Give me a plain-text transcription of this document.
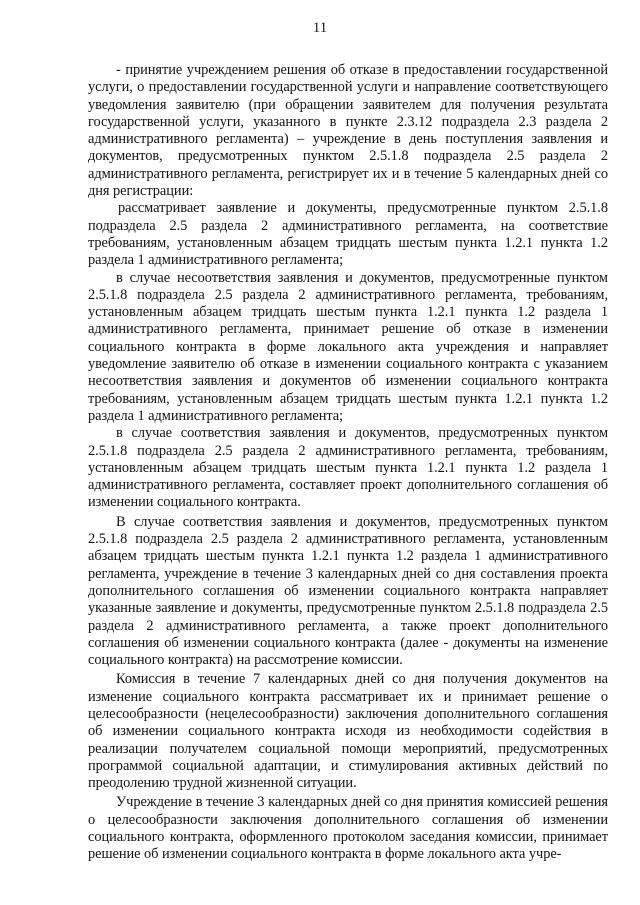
11

- принятие учреждением решения об отказе в предоставлении государственной услуги, о предоставлении государственной услуги и направление соответствующего уведомления заявителю (при обращении заявителем для получения результата государственной услуги, указанного в пункте 2.3.12 подраздела 2.3 раздела 2 административного регламента) – учреждение в день поступления заявления и документов, предусмотренных пунктом 2.5.1.8 подраздела 2.5 раздела 2 административного регламента, регистрирует их и в течение 5 календарных дней со дня регистрации:

рассматривает заявление и документы, предусмотренные пунктом 2.5.1.8 подраздела 2.5 раздела 2 административного регламента, на соответствие требованиям, установленным абзацем тридцать шестым пункта 1.2.1 пункта 1.2 раздела 1 административного регламента;

в случае несоответствия заявления и документов, предусмотренные пунктом 2.5.1.8 подраздела 2.5 раздела 2 административного регламента, требованиям, установленным абзацем тридцать шестым пункта 1.2.1 пункта 1.2 раздела 1 административного регламента, принимает решение об отказе в изменении социального контракта в форме локального акта учреждения и направляет уведомление заявителю об отказе в изменении социального контракта с указанием несоответствия заявления и документов об изменении социального контракта требованиям, установленным абзацем тридцать шестым пункта 1.2.1 пункта 1.2 раздела 1 административного регламента;

в случае соответствия заявления и документов, предусмотренных пунктом 2.5.1.8 подраздела 2.5 раздела 2 административного регламента, требованиям, установленным абзацем тридцать шестым пункта 1.2.1 пункта 1.2 раздела 1 административного регламента, составляет проект дополнительного соглашения об изменении социального контракта.

В случае соответствия заявления и документов, предусмотренных пунктом 2.5.1.8 подраздела 2.5 раздела 2 административного регламента, установленным абзацем тридцать шестым пункта 1.2.1 пункта 1.2 раздела 1 административного регламента, учреждение в течение 3 календарных дней со дня составления проекта дополнительного соглашения об изменении социального контракта направляет указанные заявление и документы, предусмотренные пунктом 2.5.1.8 подраздела 2.5 раздела 2 административного регламента, а также проект дополнительного соглашения об изменении социального контракта (далее - документы на изменение социального контракта) на рассмотрение комиссии.

Комиссия в течение 7 календарных дней со дня получения документов на изменение социального контракта рассматривает их и принимает решение о целесообразности (нецелесообразности) заключения дополнительного соглашения об изменении социального контракта исходя из необходимости содействия в реализации получателем социальной помощи мероприятий, предусмотренных программой социальной адаптации, и стимулирования активных действий по преодолению трудной жизненной ситуации.

Учреждение в течение 3 календарных дней со дня принятия комиссией решения о целесообразности заключения дополнительного соглашения об изменении социального контракта, оформленного протоколом заседания комиссии, принимает решение об изменении социального контракта в форме локального акта учре-
